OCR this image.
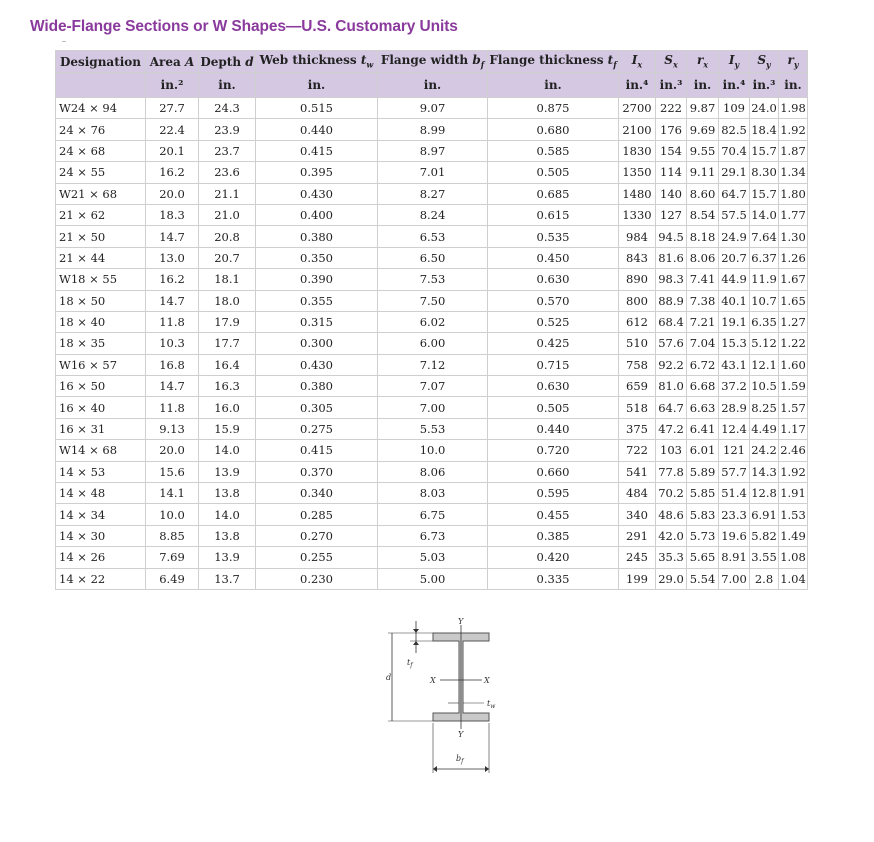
Wide-Flange Sections or W Shapes—U.S. Customary Units
Designation	Area A	Depth d	Web thickness $t_w$	Flange width $b_f$	Flange thickness $t_f$	$I_x$	$S_x$	$r_x$	$I_y$	$S_y$	$r_y$
	in.²	in.	in.	in.	in.	in.⁴	in.³	in.	in.⁴	in.³	in.
W24 × 94	27.7	24.3	0.515	9.07	0.875	2700	222	9.87	109	24.0	1.98
24 × 76	22.4	23.9	0.440	8.99	0.680	2100	176	9.69	82.5	18.4	1.92
24 × 68	20.1	23.7	0.415	8.97	0.585	1830	154	9.55	70.4	15.7	1.87
24 × 55	16.2	23.6	0.395	7.01	0.505	1350	114	9.11	29.1	8.30	1.34
W21 × 68	20.0	21.1	0.430	8.27	0.685	1480	140	8.60	64.7	15.7	1.80
21 × 62	18.3	21.0	0.400	8.24	0.615	1330	127	8.54	57.5	14.0	1.77
21 × 50	14.7	20.8	0.380	6.53	0.535	984	94.5	8.18	24.9	7.64	1.30
21 × 44	13.0	20.7	0.350	6.50	0.450	843	81.6	8.06	20.7	6.37	1.26
W18 × 55	16.2	18.1	0.390	7.53	0.630	890	98.3	7.41	44.9	11.9	1.67
18 × 50	14.7	18.0	0.355	7.50	0.570	800	88.9	7.38	40.1	10.7	1.65
18 × 40	11.8	17.9	0.315	6.02	0.525	612	68.4	7.21	19.1	6.35	1.27
18 × 35	10.3	17.7	0.300	6.00	0.425	510	57.6	7.04	15.3	5.12	1.22
W16 × 57	16.8	16.4	0.430	7.12	0.715	758	92.2	6.72	43.1	12.1	1.60
16 × 50	14.7	16.3	0.380	7.07	0.630	659	81.0	6.68	37.2	10.5	1.59
16 × 40	11.8	16.0	0.305	7.00	0.505	518	64.7	6.63	28.9	8.25	1.57
16 × 31	9.13	15.9	0.275	5.53	0.440	375	47.2	6.41	12.4	4.49	1.17
W14 × 68	20.0	14.0	0.415	10.0	0.720	722	103	6.01	121	24.2	2.46
14 × 53	15.6	13.9	0.370	8.06	0.660	541	77.8	5.89	57.7	14.3	1.92
14 × 48	14.1	13.8	0.340	8.03	0.595	484	70.2	5.85	51.4	12.8	1.91
14 × 34	10.0	14.0	0.285	6.75	0.455	340	48.6	5.83	23.3	6.91	1.53
14 × 30	8.85	13.8	0.270	6.73	0.385	291	42.0	5.73	19.6	5.82	1.49
14 × 26	7.69	13.9	0.255	5.03	0.420	245	35.3	5.65	8.91	3.55	1.08
14 × 22	6.49	13.7	0.230	5.00	0.335	199	29.0	5.54	7.00	2.8	1.04
Y
Y
X	X
d
$t_f$
$t_w$
$b_f$
